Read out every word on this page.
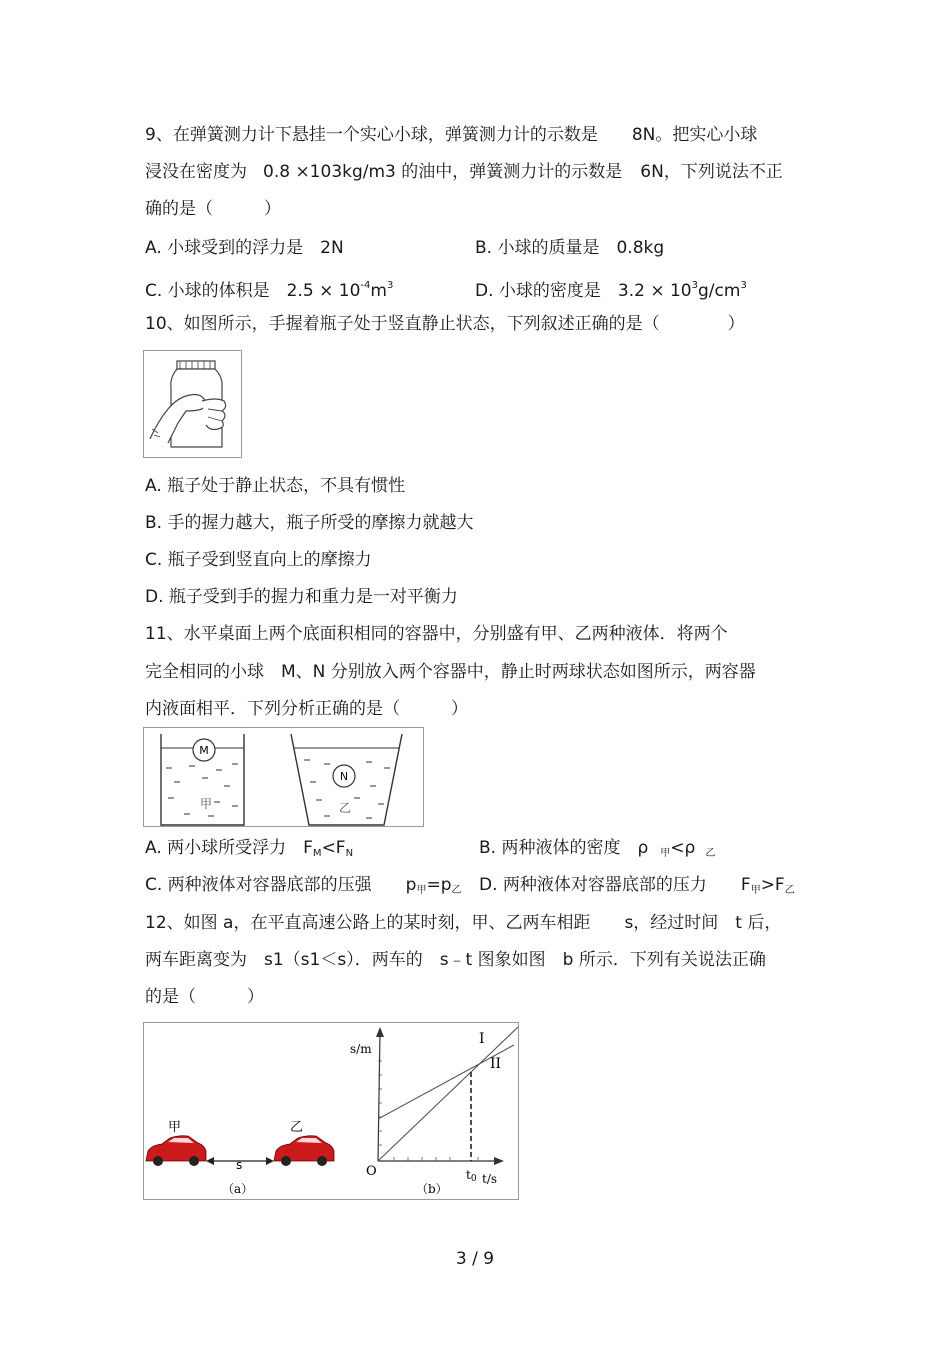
9、在弹簧测力计下悬挂一个实心小球，弹簧测力计的示数是 8N。把实心小球
浸没在密度为 0.8 ×103kg/m3 的油中，弹簧测力计的示数是 6N，下列说法不正
确的是（　　　）
A. 小球受到的浮力是　2N	B. 小球的质量是　0.8kg
C. 小球的体积是　$2.5 \times 10^{-4}m^3$	D. 小球的密度是　$3.2 \times 10^3g/cm^3$
10、如图所示，手握着瓶子处于竖直静止状态，下列叙述正确的是（　　　　）
A. 瓶子处于静止状态，不具有惯性
B. 手的握力越大，瓶子所受的摩擦力就越大
C. 瓶子受到竖直向上的摩擦力
D. 瓶子受到手的握力和重力是一对平衡力
11、水平桌面上两个底面积相同的容器中，分别盛有甲、乙两种液体．将两个
完全相同的小球　M、N 分别放入两个容器中，静止时两球状态如图所示，两容器
内液面相平．下列分析正确的是（　　　）
M
甲
N
乙
A. 两小球所受浮力　$F_M<F_N$	B. 两种液体的密度　ρ $_甲$<ρ $_乙$
C. 两种液体对容器底部的压强　　$p_甲=p_乙$ D. 两种液体对容器底部的压力　　$F_甲>F_乙$
12、如图 a，在平直高速公路上的某时刻，甲、乙两车相距　　s，经过时间　t 后，
两车距离变为　s1（s1＜s）．两车的　s﹣t 图象如图　b 所示．下列有关说法正确
的是（　　　）
甲	乙
s
（a）
s/m
t/s
O	t0
I
II
（b）
3 / 9
